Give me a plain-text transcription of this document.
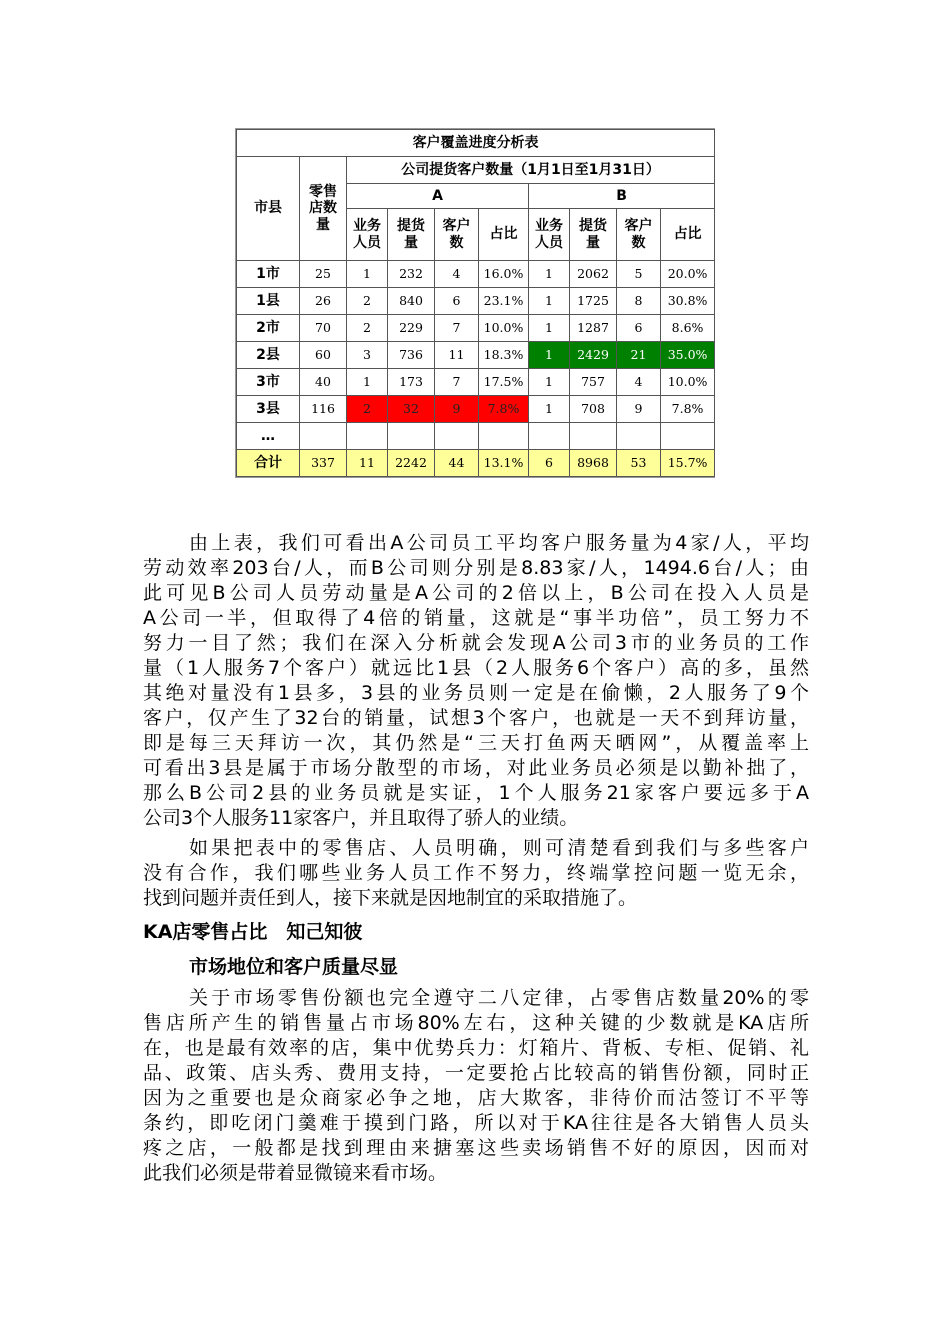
客户覆盖进度分析表									
市县	零售店数量	公司提货客户数量（1月1日至1月31日）							
		A				B			

		业务人员	提货量	客户数	占比	业务人员	提货量	客户数	占比
1市	25	1	232	4	16.0%	1	2062	5	20.0%
1县	26	2	840	6	23.1%	1	1725	8	30.8%
2市	70	2	229	7	10.0%	1	1287	6	8.6%
2县	60	3	736	11	18.3%	1	2429	21	35.0%
3市	40	1	173	7	17.5%	1	757	4	10.0%
3县	116	2	32	9	7.8%	1	708	9	7.8%
…									
合计	337	11	2242	44	13.1%	6	8968	53	15.7%
由上表，我们可看出A公司员工平均客户服务量为4家/人，平均
劳动效率203台/人，而B公司则分别是8.83家/人，1494.6台/人；由
此可见B公司人员劳动量是A公司的2倍以上，B公司在投入人员是
A公司一半，但取得了4倍的销量，这就是“事半功倍”，员工努力不
努力一目了然；我们在深入分析就会发现A公司3市的业务员的工作
量（1人服务7个客户）就远比1县（2人服务6个客户）高的多，虽然
其绝对量没有1县多，3县的业务员则一定是在偷懒，2人服务了9个
客户，仅产生了32台的销量，试想3个客户，也就是一天不到拜访量，
即是每三天拜访一次，其仍然是“三天打鱼两天晒网”，从覆盖率上
可看出3县是属于市场分散型的市场，对此业务员必须是以勤补拙了，
那么B公司2县的业务员就是实证，1个人服务21家客户要远多于A
公司3个人服务11家客户，并且取得了骄人的业绩。
如果把表中的零售店、人员明确，则可清楚看到我们与多些客户
没有合作，我们哪些业务人员工作不努力，终端掌控问题一览无余，
找到问题并责任到人，接下来就是因地制宜的采取措施了。
KA店零售占比　知己知彼
市场地位和客户质量尽显
关于市场零售份额也完全遵守二八定律，占零售店数量20%的零
售店所产生的销售量占市场80%左右，这种关键的少数就是KA店所
在，也是最有效率的店，集中优势兵力：灯箱片、背板、专柜、促销、礼
品、政策、店头秀、费用支持，一定要抢占比较高的销售份额，同时正
因为之重要也是众商家必争之地，店大欺客，非待价而沽签订不平等
条约，即吃闭门羹难于摸到门路，所以对于KA往往是各大销售人员头
疼之店，一般都是找到理由来搪塞这些卖场销售不好的原因，因而对
此我们必须是带着显微镜来看市场。
